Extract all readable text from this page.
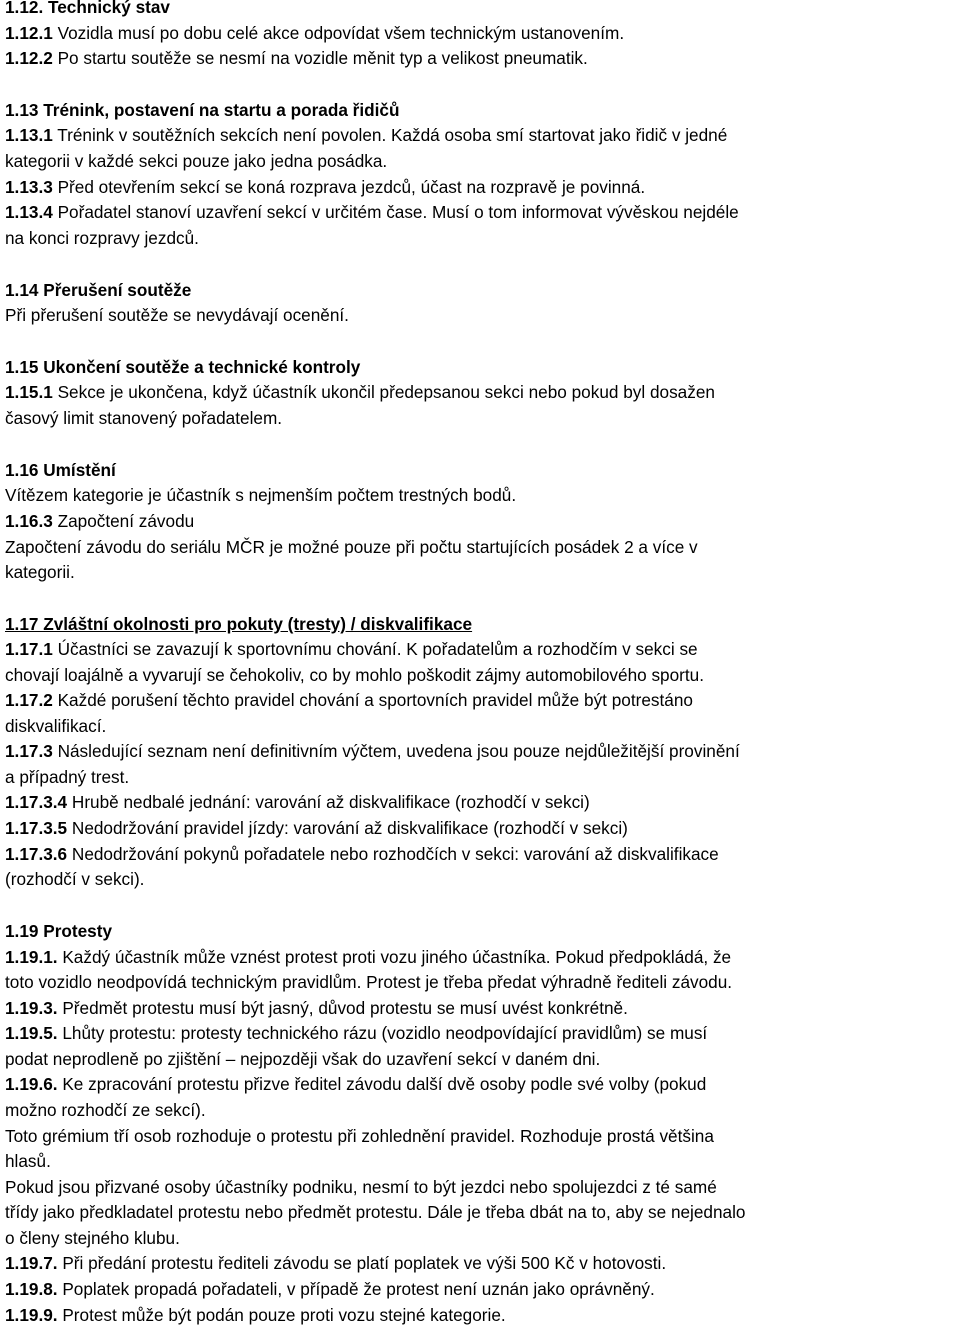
1.12. Technický stav
1.12.1 Vozidla musí po dobu celé akce odpovídat všem technickým ustanovením.
1.12.2 Po startu soutěže se nesmí na vozidle měnit typ a velikost pneumatik.
1.13 Trénink, postavení na startu a porada řidičů
1.13.1 Trénink v soutěžních sekcích není povolen. Každá osoba smí startovat jako řidič v jedné
kategorii v každé sekci pouze jako jedna posádka.
1.13.3 Před otevřením sekcí se koná rozprava jezdců, účast na rozpravě je povinná.
1.13.4 Pořadatel stanoví uzavření sekcí v určitém čase. Musí o tom informovat vývěskou nejdéle
na konci rozpravy jezdců.
1.14 Přerušení soutěže
Při přerušení soutěže se nevydávají ocenění.
1.15 Ukončení soutěže a technické kontroly
1.15.1 Sekce je ukončena, když účastník ukončil předepsanou sekci nebo pokud byl dosažen
časový limit stanovený pořadatelem.
1.16 Umístění
Vítězem kategorie je účastník s nejmenším počtem trestných bodů.
1.16.3 Započtení závodu
Započtení závodu do seriálu MČR je možné pouze při počtu startujících posádek 2 a více v
kategorii.
1.17 Zvláštní okolnosti pro pokuty (tresty) / diskvalifikace
1.17.1 Účastníci se zavazují k sportovnímu chování. K pořadatelům a rozhodčím v sekci se
chovají loajálně a vyvarují se čehokoliv, co by mohlo poškodit zájmy automobilového sportu.
1.17.2 Každé porušení těchto pravidel chování a sportovních pravidel může být potrestáno
diskvalifikací.
1.17.3 Následující seznam není definitivním výčtem, uvedena jsou pouze nejdůležitější provinění
a případný trest.
1.17.3.4 Hrubě nedbalé jednání: varování až diskvalifikace (rozhodčí v sekci)
1.17.3.5 Nedodržování pravidel jízdy: varování až diskvalifikace (rozhodčí v sekci)
1.17.3.6 Nedodržování pokynů pořadatele nebo rozhodčích v sekci: varování až diskvalifikace
(rozhodčí v sekci).
1.19 Protesty
1.19.1. Každý účastník může vznést protest proti vozu jiného účastníka. Pokud předpokládá, že
toto vozidlo neodpovídá technickým pravidlům. Protest je třeba předat výhradně řediteli závodu.
1.19.3. Předmět protestu musí být jasný, důvod protestu se musí uvést konkrétně.
1.19.5. Lhůty protestu: protesty technického rázu (vozidlo neodpovídající pravidlům) se musí
podat neprodleně po zjištění – nejpozději však do uzavření sekcí v daném dni.
1.19.6. Ke zpracování protestu přizve ředitel závodu další dvě osoby podle své volby (pokud
možno rozhodčí ze sekcí).
Toto grémium tří osob rozhoduje o protestu při zohlednění pravidel. Rozhoduje prostá většina
hlasů.
Pokud jsou přizvané osoby účastníky podniku, nesmí to být jezdci nebo spolujezdci z té samé
třídy jako předkladatel protestu nebo předmět protestu. Dále je třeba dbát na to, aby se nejednalo
o členy stejného klubu.
1.19.7. Při předání protestu řediteli závodu se platí poplatek ve výši 500 Kč v hotovosti.
1.19.8. Poplatek propadá pořadateli, v případě že protest není uznán jako oprávněný.
1.19.9. Protest může být podán pouze proti vozu stejné kategorie.
